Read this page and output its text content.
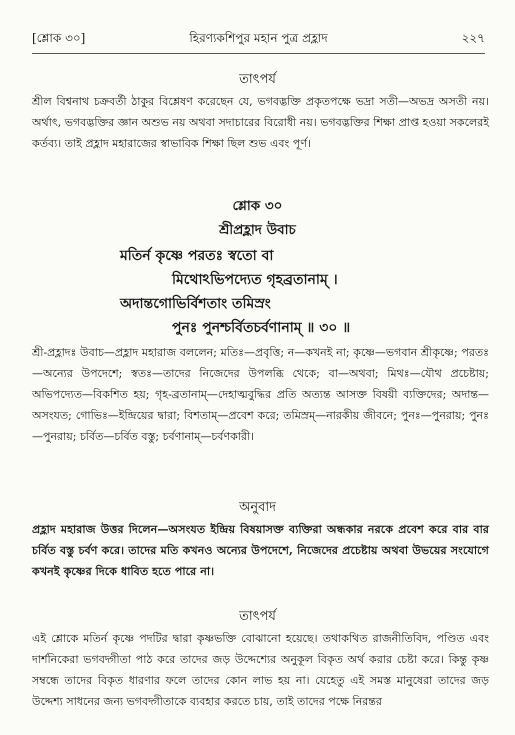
[শ্লোক ৩০]	হিরণ্যকশিপুর মহান পুত্র প্রহ্লাদ	২২৭
তাৎপর্য
শ্রীল বিশ্বনাথ চক্রবর্তী ঠাকুর বিশ্লেষণ করেছেন যে, ভগবদ্ভক্তি প্রকৃতপক্ষে ভদ্রা সতী—অভদ্র অসতী নয়। অর্থাৎ, ভগবদ্ভক্তির জ্ঞান অশুভ নয় অথবা সদাচারের বিরোধী নয়। ভগবদ্ভক্তির শিক্ষা প্রাপ্ত হওয়া সকলেরই কর্তব্য। তাই প্রহ্লাদ মহারাজের স্বাভাবিক শিক্ষা ছিল শুভ এবং পূর্ণ।
শ্লোক ৩০
শ্রীপ্রহ্লাদ উবাচ
মতির্ন কৃষ্ণে পরতঃ স্বতো বা
মিথোঽভিপদ্যেত গৃহব্রতানাম্ ।
অদান্তগোভির্বিশতাং তমিস্রং
পুনঃ পুনশ্চর্বিতচর্বণানাম্ ॥ ৩০ ॥
শ্রী-প্রহ্লাদঃ উবাচ—প্রহ্লাদ মহারাজ বললেন; মতিঃ—প্রবৃত্তি; ন—কখনই না; কৃষ্ণে—ভগবান শ্রীকৃষ্ণে; পরতঃ—অন্যের উপদেশে; স্বতঃ—তাদের নিজেদের উপলব্ধি থেকে; বা—অথবা; মিথঃ—যৌথ প্রচেষ্টায়; অভিপদ্যেত—বিকশিত হয়; গৃহ-ব্রতানাম্—দেহাত্মবুদ্ধির প্রতি অত্যন্ত আসক্ত বিষয়ী ব্যক্তিদের; অদান্ত—অসংযত; গোভিঃ—ইন্দ্রিয়ের দ্বারা; বিশতাম্—প্রবেশ করে; তমিস্রম্—নারকীয় জীবনে; পুনঃ—পুনরায়; পুনঃ—পুনরায়; চর্বিত—চর্বিত বস্তু; চর্বণানাম্—চর্বণকারী।
অনুবাদ
প্রহ্লাদ মহারাজ উত্তর দিলেন—অসংযত ইন্দ্রিয় বিষয়াসক্ত ব্যক্তিরা অন্ধকার নরকে প্রবেশ করে বার বার চর্বিত বস্তু চর্বণ করে। তাদের মতি কখনও অন্যের উপদেশে, নিজেদের প্রচেষ্টায় অথবা উভয়ের সংযোগে কখনই কৃষ্ণের দিকে ধাবিত হতে পারে না।
তাৎপর্য
এই শ্লোকে মতির্ন কৃষ্ণে পদটির দ্বারা কৃষ্ণভক্তি বোঝানো হয়েছে। তথাকথিত রাজনীতিবিদ, পণ্ডিত এবং দার্শনিকেরা ভগবদ্গীতা পাঠ করে তাদের জড় উদ্দেশ্যের অনুকূল বিকৃত অর্থ করার চেষ্টা করে। কিন্তু কৃষ্ণ সম্বন্ধে তাদের বিকৃত ধারণার ফলে তাদের কোন লাভ হয় না। যেহেতু এই সমস্ত মানুষেরা তাদের জড় উদ্দেশ্য সাধনের জন্য ভগবদ্গীতাকে ব্যবহার করতে চায়, তাই তাদের পক্ষে নিরন্তর
